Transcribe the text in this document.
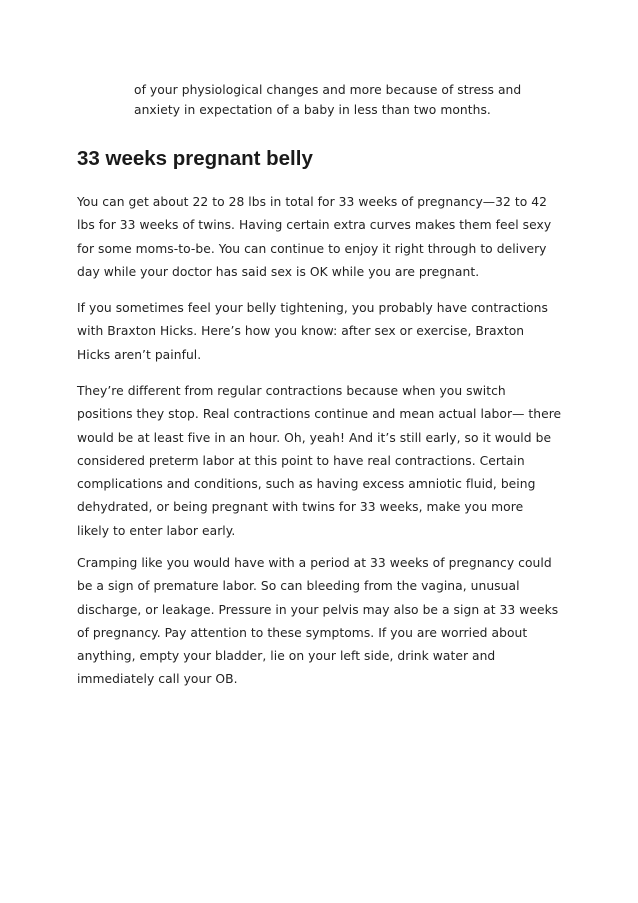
of your physiological changes and more because of stress and
anxiety in expectation of a baby in less than two months.
33 weeks pregnant belly
You can get about 22 to 28 lbs in total for 33 weeks of pregnancy—32 to 42
lbs for 33 weeks of twins. Having certain extra curves makes them feel sexy
for some moms-to-be. You can continue to enjoy it right through to delivery
day while your doctor has said sex is OK while you are pregnant.
If you sometimes feel your belly tightening, you probably have contractions
with Braxton Hicks. Here’s how you know: after sex or exercise, Braxton
Hicks aren’t painful.
They’re different from regular contractions because when you switch
positions they stop. Real contractions continue and mean actual labor— there
would be at least five in an hour. Oh, yeah! And it’s still early, so it would be
considered preterm labor at this point to have real contractions. Certain
complications and conditions, such as having excess amniotic fluid, being
dehydrated, or being pregnant with twins for 33 weeks, make you more
likely to enter labor early.
Cramping like you would have with a period at 33 weeks of pregnancy could
be a sign of premature labor. So can bleeding from the vagina, unusual
discharge, or leakage. Pressure in your pelvis may also be a sign at 33 weeks
of pregnancy. Pay attention to these symptoms. If you are worried about
anything, empty your bladder, lie on your left side, drink water and
immediately call your OB.
